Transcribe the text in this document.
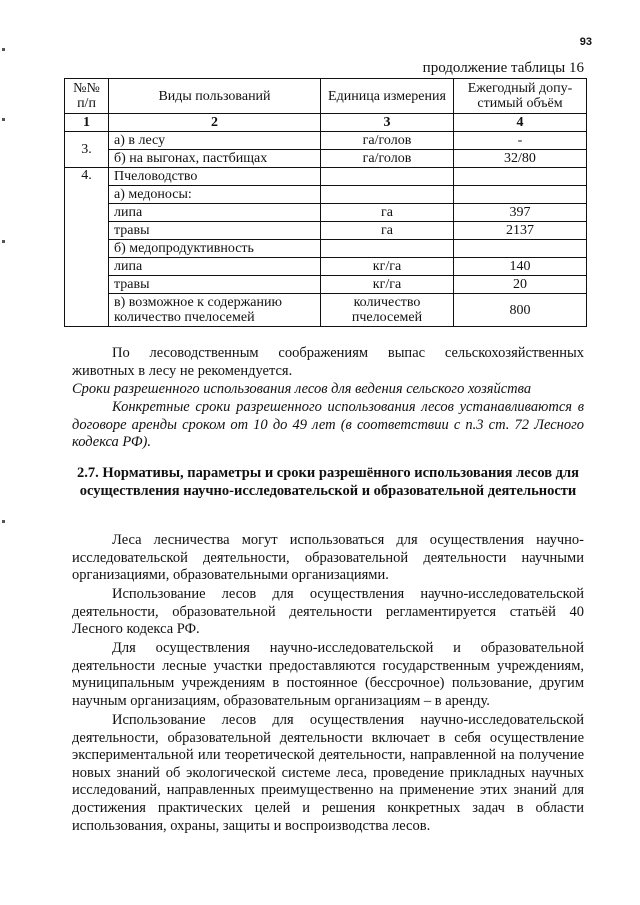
93
продолжение таблицы 16
№№ п/п	Виды пользований	Единица измерения	Ежегодный допу-стимый объём
1	2	3	4
3.	а) в лесу	га/голов	-
	б) на выгонах, пастбищах	га/голов	32/80
4.	Пчеловодство		
	а) медоносы:		
	липа	га	397
	травы	га	2137
	б) медопродуктивность		
	липа	кг/га	140
	травы	кг/га	20
	в) возможное к содержанию количество пчелосемей	количество пчелосемей	800

По лесоводственным соображениям выпас сельскохозяйственных животных в лесу не рекомендуется.

Сроки разрешенного использования лесов для ведения сельского хозяйства

Конкретные сроки разрешенного использования лесов устанавливаются в договоре аренды сроком от 10 до 49 лет (в соответствии с п.3 ст. 72 Лесного кодекса РФ).

2.7. Нормативы, параметры и сроки разрешённого использования лесов для осуществления научно-исследовательской и образовательной деятельности

Леса лесничества могут использоваться для осуществления научно-исследовательской деятельности, образовательной деятельности научными организациями, образовательными организациями.

Использование лесов для осуществления научно-исследовательской деятельности, образовательной деятельности регламентируется статьёй 40 Лесного кодекса РФ.

Для осуществления научно-исследовательской и образовательной деятельности лесные участки предоставляются государственным учреждениям, муниципальным учреждениям в постоянное (бессрочное) пользование, другим научным организациям, образовательным организациям – в аренду.

Использование лесов для осуществления научно-исследовательской деятельности, образовательной деятельности включает в себя осуществление экспериментальной или теоретической деятельности, направленной на получение новых знаний об экологической системе леса, проведение прикладных научных исследований, направленных преимущественно на применение этих знаний для достижения практических целей и решения конкретных задач в области использования, охраны, защиты и воспроизводства лесов.
